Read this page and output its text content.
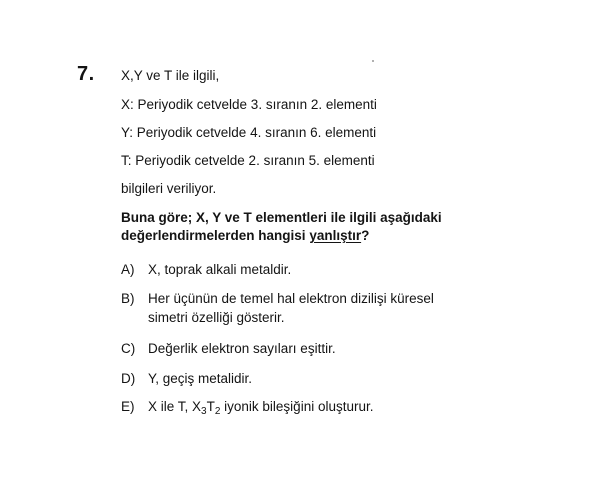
7. X,Y ve T ile ilgili,
X: Periyodik cetvelde 3. sıranın 2. elementi
Y: Periyodik cetvelde 4. sıranın 6. elementi
T: Periyodik cetvelde 2. sıranın 5. elementi
bilgileri veriliyor.
Buna göre; X, Y ve T elementleri ile ilgili aşağıdaki
değerlendirmelerden hangisi yanlıştır?
A) X, toprak alkali metaldir.
B) Her üçünün de temel hal elektron dizilişi küresel
simetri özelliği gösterir.
C) Değerlik elektron sayıları eşittir.
D) Y, geçiş metalidir.
E) X ile T, $X_3T_2$ iyonik bileşiğini oluşturur.
